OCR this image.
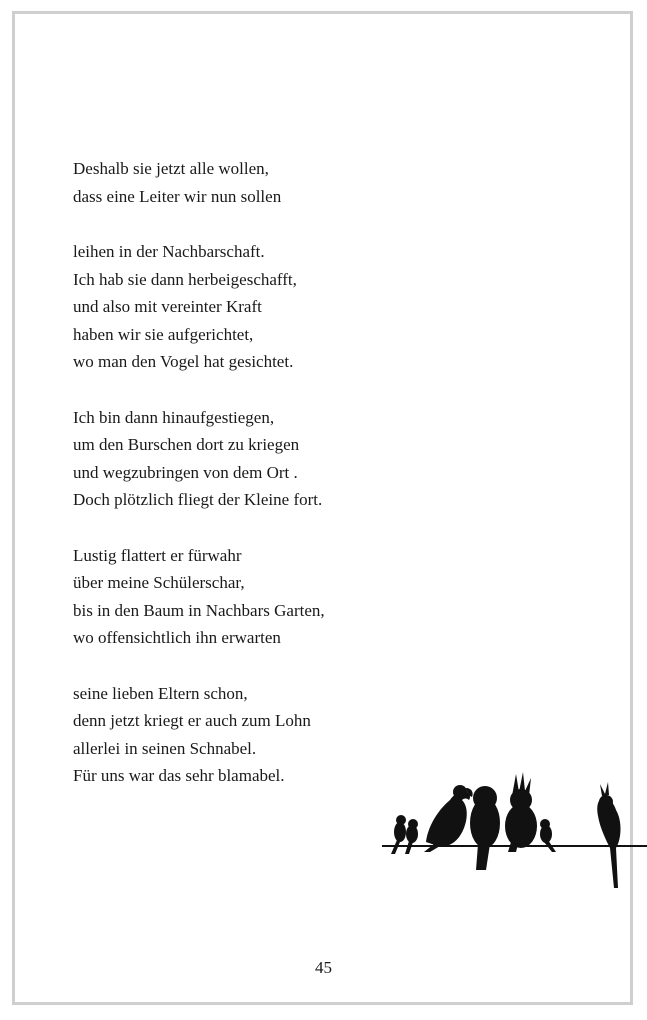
Deshalb sie jetzt alle wollen,
dass eine Leiter wir nun sollen
leihen in der Nachbarschaft.
Ich hab sie dann herbeigeschafft,
und also mit vereinter Kraft
haben wir sie aufgerichtet,
wo man den Vogel hat gesichtet.
Ich bin dann hinaufgestiegen,
um den Burschen dort zu kriegen
und wegzubringen von dem Ort .
Doch plötzlich fliegt der Kleine fort.
Lustig flattert er fürwahr
über meine Schülerschar,
bis in den Baum in Nachbars Garten,
wo offensichtlich ihn erwarten
seine lieben Eltern schon,
denn jetzt kriegt er auch zum Lohn
allerlei in seinen Schnabel.
Für uns war das sehr blamabel.
45
